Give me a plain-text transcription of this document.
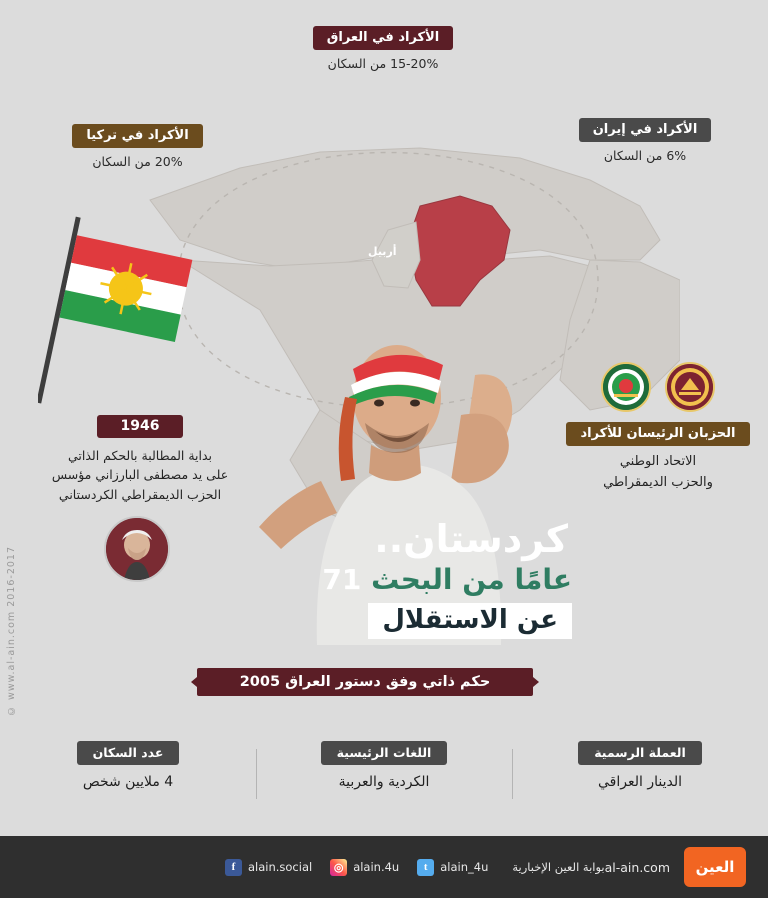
أربيل
الأكراد في العراق
15-20% من السكان
الأكراد في تركيا
20% من السكان
الأكراد في إيران
6% من السكان
1946
بداية المطالبة بالحكم الذاتي
على يد مصطفى البارزاني مؤسس
الحزب الديمقراطي الكردستاني
© www.al-ain.com 2016-2017
الحزبان الرئيسان للأكراد
الاتحاد الوطني
والحزب الديمقراطي
كردستان..
عامًا من البحث 71
عن الاستقلال
حكم ذاتي وفق دستور العراق 2005
العملة الرسمية
الدينار العراقي
اللغات الرئيسية
الكردية والعربية
عدد السكان
4 ملايين شخص
العين
al-ain.com
f	alain.social	◎ alain.4u	t	alain_4u بوابة العين الإخبارية
